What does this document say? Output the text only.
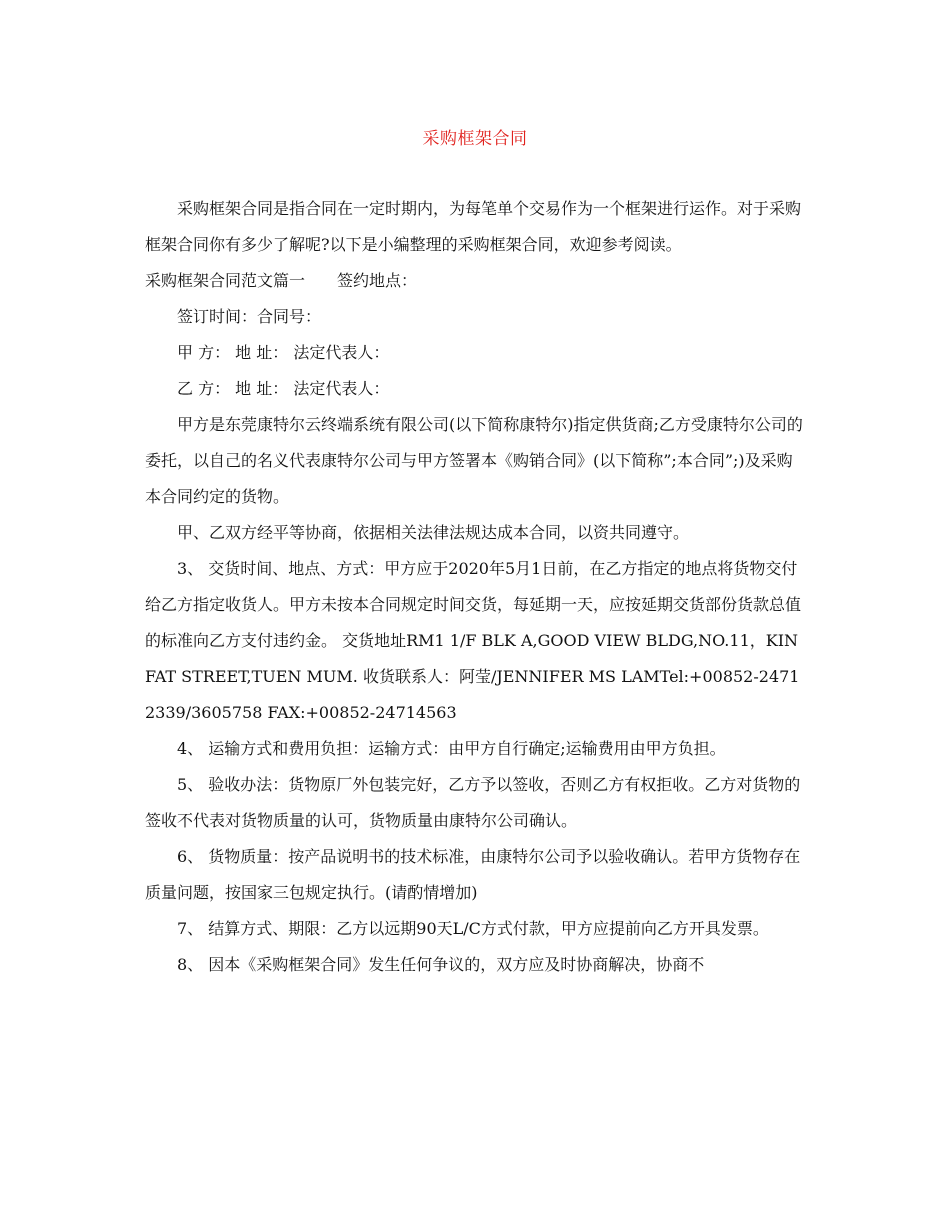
采购框架合同

采购框架合同是指合同在一定时期内，为每笔单个交易作为一个框架进行运作。对于采购框架合同你有多少了解呢?以下是小编整理的采购框架合同，欢迎参考阅读。

采购框架合同范文篇一　　签约地点：

签订时间：合同号：

甲 方： 地 址： 法定代表人：

乙 方： 地 址： 法定代表人：

甲方是东莞康特尔云终端系统有限公司(以下简称康特尔)指定供货商;乙方受康特尔公司的委托，以自己的名义代表康特尔公司与甲方签署本《购销合同》(以下简称”;本合同”;)及采购本合同约定的货物。

甲、乙双方经平等协商，依据相关法律法规达成本合同，以资共同遵守。

3、 交货时间、地点、方式：甲方应于2020年5月1日前，在乙方指定的地点将货物交付给乙方指定收货人。甲方未按本合同规定时间交货，每延期一天，应按延期交货部份货款总值 的标准向乙方支付违约金。 交货地址RM1 1/F BLK A,GOOD VIEW BLDG,NO.11，KIN FAT STREET,TUEN MUM. 收货联系人：阿莹/JENNIFER MS LAMTel:+00852-24712339/3605758 FAX:+00852-24714563

4、 运输方式和费用负担：运输方式：由甲方自行确定;运输费用由甲方负担。

5、 验收办法：货物原厂外包装完好，乙方予以签收，否则乙方有权拒收。乙方对货物的签收不代表对货物质量的认可，货物质量由康特尔公司确认。

6、 货物质量：按产品说明书的技术标准，由康特尔公司予以验收确认。若甲方货物存在质量问题，按国家三包规定执行。(请酌情增加)

7、 结算方式、期限：乙方以远期90天L/C方式付款，甲方应提前向乙方开具发票。

8、 因本《采购框架合同》发生任何争议的，双方应及时协商解决，协商不
